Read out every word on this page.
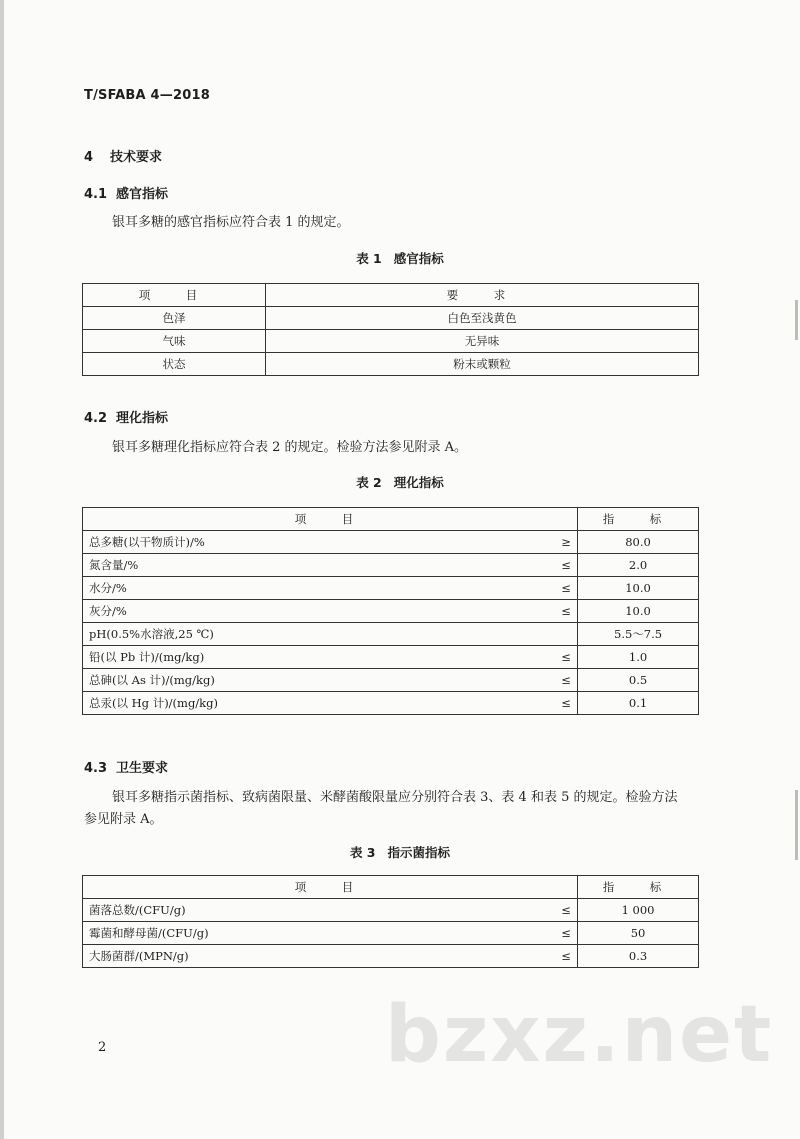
T/SFABA 4—2018
4 技术要求
4.1 感官指标
银耳多糖的感官指标应符合表 1 的规定。
表 1 感官指标
项　目	要　求
色泽	白色至浅黄色
气味	无异味
状态	粉末或颗粒
4.2 理化指标
银耳多糖理化指标应符合表 2 的规定。检验方法参见附录 A。
表 2 理化指标
项　目		指　标
总多糖(以干物质计)/%	≥	80.0
氮含量/%	≤	2.0
水分/%	≤	10.0
灰分/%	≤	10.0
pH(0.5%水溶液,25 ℃)		5.5～7.5
铅(以 Pb 计)/(mg/kg)	≤	1.0
总砷(以 As 计)/(mg/kg)	≤	0.5
总汞(以 Hg 计)/(mg/kg)	≤	0.1
4.3 卫生要求
银耳多糖指示菌指标、致病菌限量、米酵菌酸限量应分别符合表 3、表 4 和表 5 的规定。检验方法
参见附录 A。
表 3 指示菌指标
项　目		指　标
菌落总数/(CFU/g)	≤	1 000
霉菌和酵母菌/(CFU/g)	≤	50
大肠菌群/(MPN/g)	≤	0.3
bzxz.net
2
